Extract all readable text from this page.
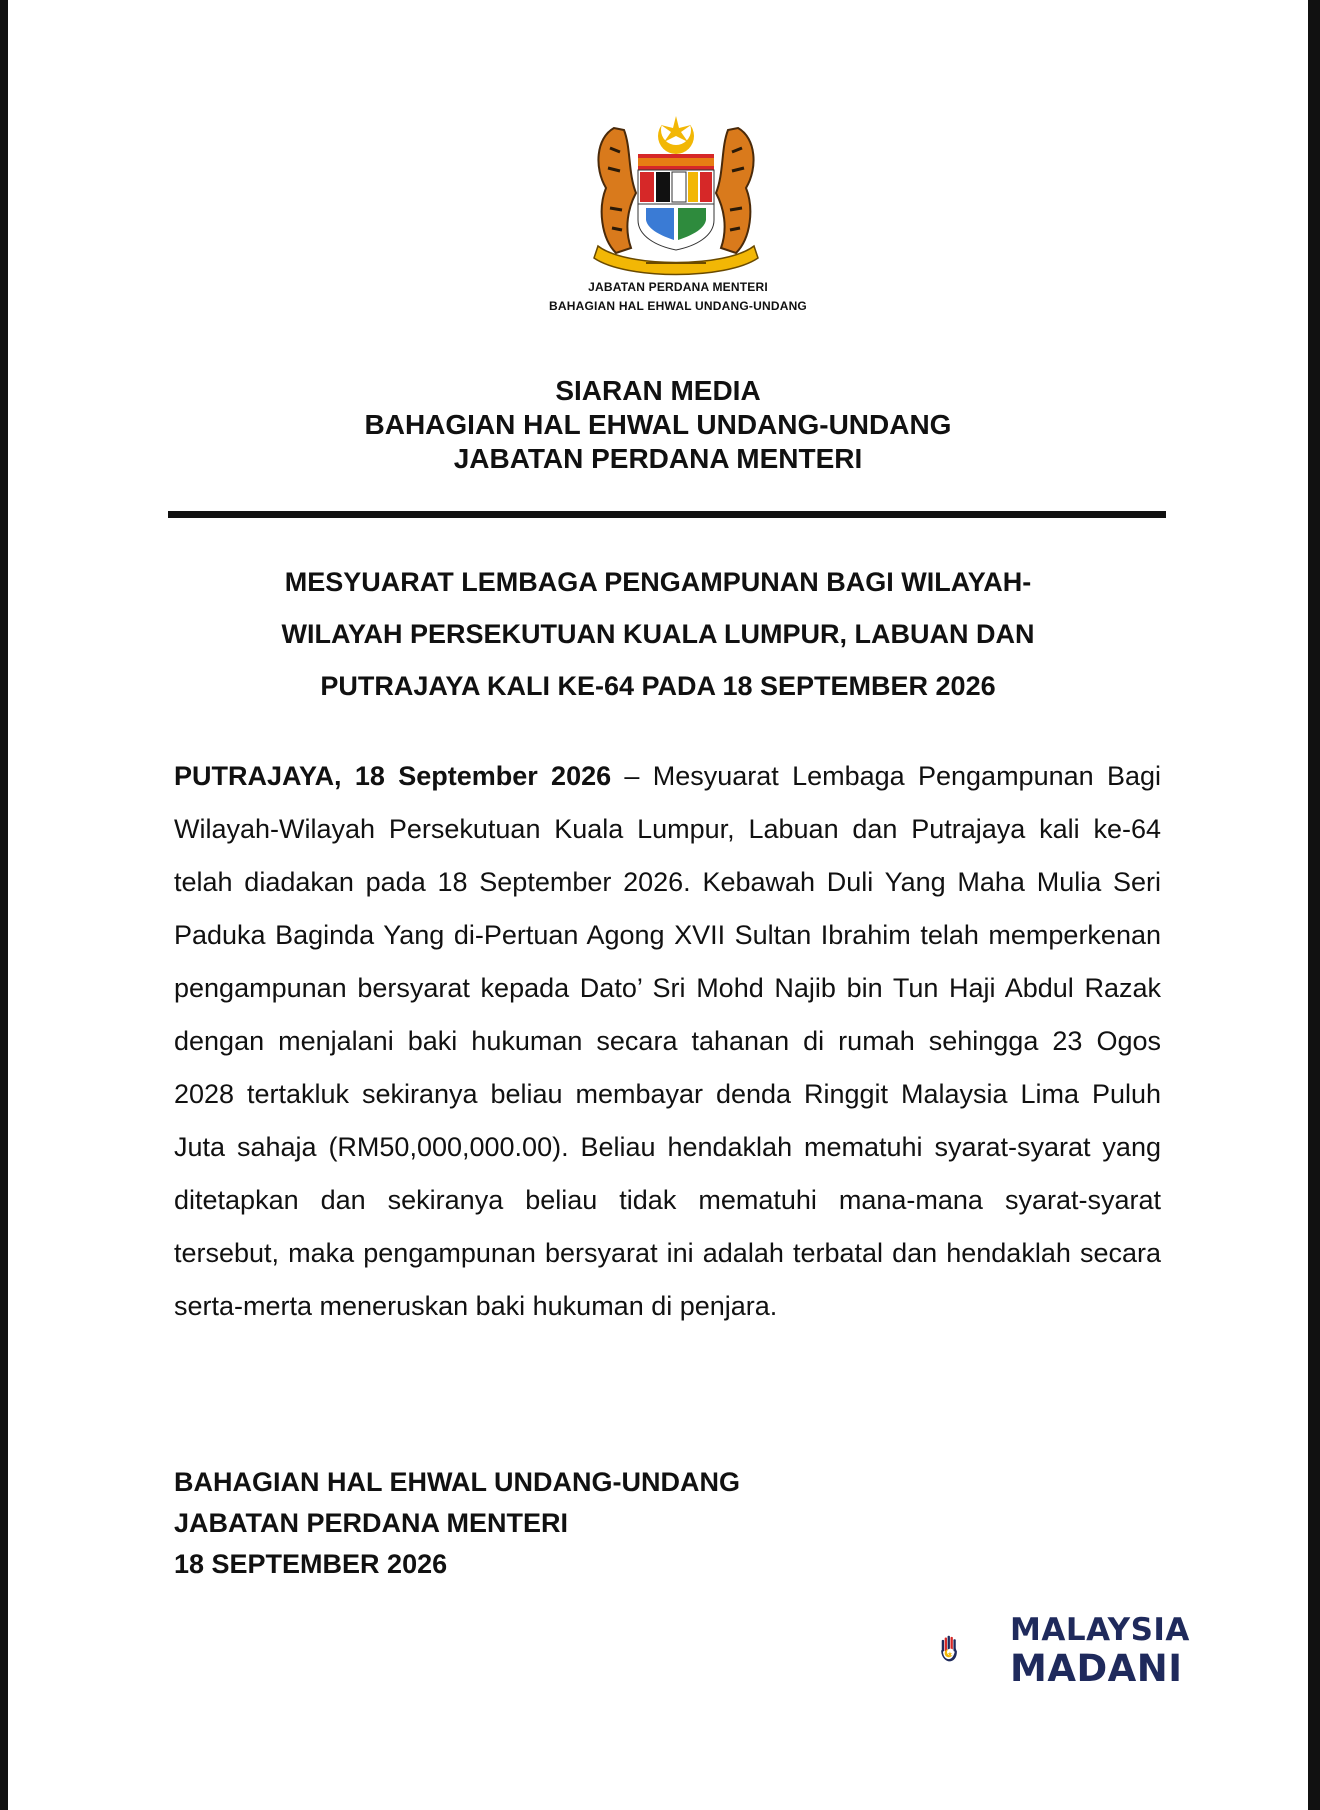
JABATAN PERDANA MENTERI
BAHAGIAN HAL EHWAL UNDANG-UNDANG
SIARAN MEDIA
BAHAGIAN HAL EHWAL UNDANG-UNDANG
JABATAN PERDANA MENTERI
MESYUARAT LEMBAGA PENGAMPUNAN BAGI WILAYAH-
WILAYAH PERSEKUTUAN KUALA LUMPUR, LABUAN DAN
PUTRAJAYA KALI KE-64 PADA 18 SEPTEMBER 2026
PUTRAJAYA, 18 September 2026 – Mesyuarat Lembaga Pengampunan Bagi Wilayah-Wilayah Persekutuan Kuala Lumpur, Labuan dan Putrajaya kali ke-64 telah diadakan pada 18 September 2026. Kebawah Duli Yang Maha Mulia Seri Paduka Baginda Yang di-Pertuan Agong XVII Sultan Ibrahim telah memperkenan pengampunan bersyarat kepada Dato’ Sri Mohd Najib bin Tun Haji Abdul Razak dengan menjalani baki hukuman secara tahanan di rumah sehingga 23 Ogos 2028 tertakluk sekiranya beliau membayar denda Ringgit Malaysia Lima Puluh Juta sahaja (RM50,000,000.00). Beliau hendaklah mematuhi syarat-syarat yang ditetapkan dan sekiranya beliau tidak mematuhi mana-mana syarat-syarat tersebut, maka pengampunan bersyarat ini adalah terbatal dan hendaklah secara serta-merta meneruskan baki hukuman di penjara.
BAHAGIAN HAL EHWAL UNDANG-UNDANG
JABATAN PERDANA MENTERI
18 SEPTEMBER 2026
MALAYSIA
MADANI
